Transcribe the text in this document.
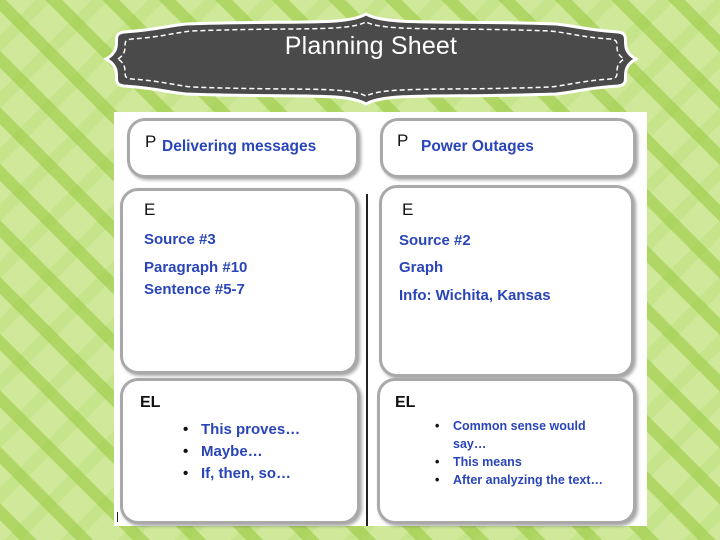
Planning Sheet
P Delivering messages	P Power Outages
E
Source #3
Paragraph #10
Sentence #5-7
E
Source #2
Graph
Info: Wichita, Kansas
EL
• This proves…
• Maybe…
• If, then, so…
EL
• Common sense would say…
• This means
• After analyzing the text…
